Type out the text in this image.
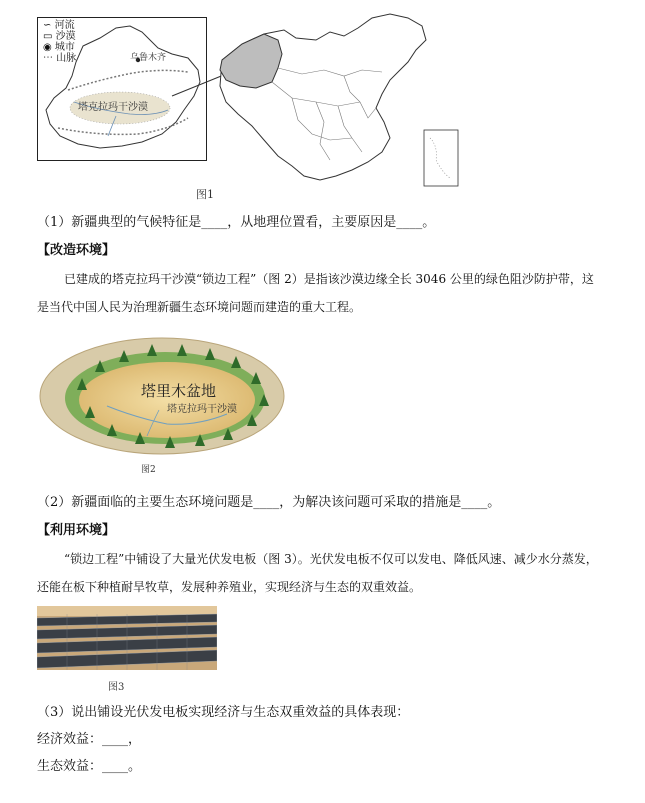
∽ 河流
▭ 沙漠
◉ 城市
⋯ 山脉	乌鲁木齐
塔克拉玛干沙漠
图1
（1）新疆典型的气候特征是____，从地理位置看，主要原因是____。
【改造环境】
已建成的塔克拉玛干沙漠“锁边工程”（图 2）是指该沙漠边缘全长 3046 公里的绿色阻沙防护带，这
是当代中国人民为治理新疆生态环境问题而建造的重大工程。
塔里木盆地
塔克拉玛干沙漠
图2
（2）新疆面临的主要生态环境问题是____，为解决该问题可采取的措施是____。
【利用环境】
“锁边工程”中铺设了大量光伏发电板（图 3）。光伏发电板不仅可以发电、降低风速、减少水分蒸发，
还能在板下种植耐旱牧草，发展种养殖业，实现经济与生态的双重效益。
图3
（3）说出铺设光伏发电板实现经济与生态双重效益的具体表现：
经济效益：____，
生态效益：____。
